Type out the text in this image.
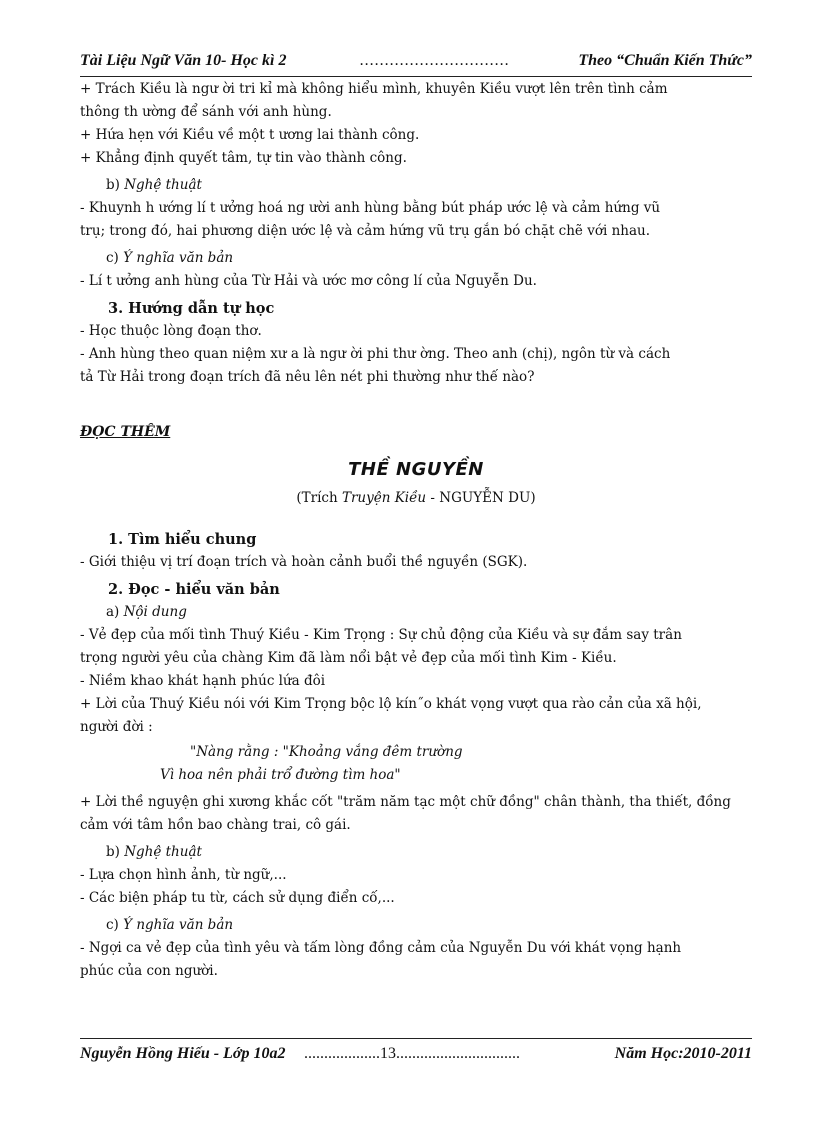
Tài Liệu Ngữ Văn 10- Học kì 2	..............................	Theo “Chuẩn Kiến Thức”

+ Trách Kiều là ngư ời tri kỉ mà không hiểu mình, khuyên Kiều vượt lên trên tình cảm

thông th ường để sánh với anh hùng.

+ Hứa hẹn với Kiều về một t ương lai thành công.

+ Khẳng định quyết tâm, tự tin vào thành công.

b) Nghệ thuật

- Khuynh h ướng lí t ưởng hoá ng ười anh hùng bằng bút pháp ước lệ và cảm hứng vũ

trụ; trong đó, hai phương diện ước lệ và cảm hứng vũ trụ gắn bó chặt chẽ với nhau.

c) Ý nghĩa văn bản

- Lí t ưởng anh hùng của Từ Hải và ước mơ công lí của Nguyễn Du.

3. Hướng dẫn tự học

- Học thuộc lòng đoạn thơ.

- Anh hùng theo quan niệm xư a là ngư ời phi thư ờng. Theo anh (chị), ngôn từ và cách

tả Từ Hải trong đoạn trích đã nêu lên nét phi thường như thế nào?

ĐỌC THÊM

THỀ NGUYỀN

(Trích Truyện Kiều - NGUYỄN DU)

1. Tìm hiểu chung

- Giới thiệu vị trí đoạn trích và hoàn cảnh buổi thề nguyền (SGK).

2. Đọc - hiểu văn bản

a) Nội dung

- Vẻ đẹp của mối tình Thuý Kiều - Kim Trọng : Sự chủ động của Kiều và sự đắm say trân

trọng người yêu của chàng Kim đã làm nổi bật vẻ đẹp của mối tình Kim - Kiều.

- Niềm khao khát hạnh phúc lứa đôi

+ Lời của Thuý Kiều nói với Kim Trọng bộc lộ kín˝o khát vọng vượt qua rào cản của xã hội,

người đời :

"Nàng rằng : "Khoảng vắng đêm trường

Vì hoa nên phải trổ đường tìm hoa"

+ Lời thề nguyện ghi xương khắc cốt "trăm năm tạc một chữ đồng" chân thành, tha thiết, đồng

cảm với tâm hồn bao chàng trai, cô gái.

b) Nghệ thuật

- Lựa chọn hình ảnh, từ ngữ,...

- Các biện pháp tu từ, cách sử dụng điển cố,...

c) Ý nghĩa văn bản

- Ngợi ca vẻ đẹp của tình yêu và tấm lòng đồng cảm của Nguyễn Du với khát vọng hạnh

phúc của con người.

Nguyễn Hồng Hiếu - Lớp 10a2 ...................13...............................	Năm Học:2010-2011
